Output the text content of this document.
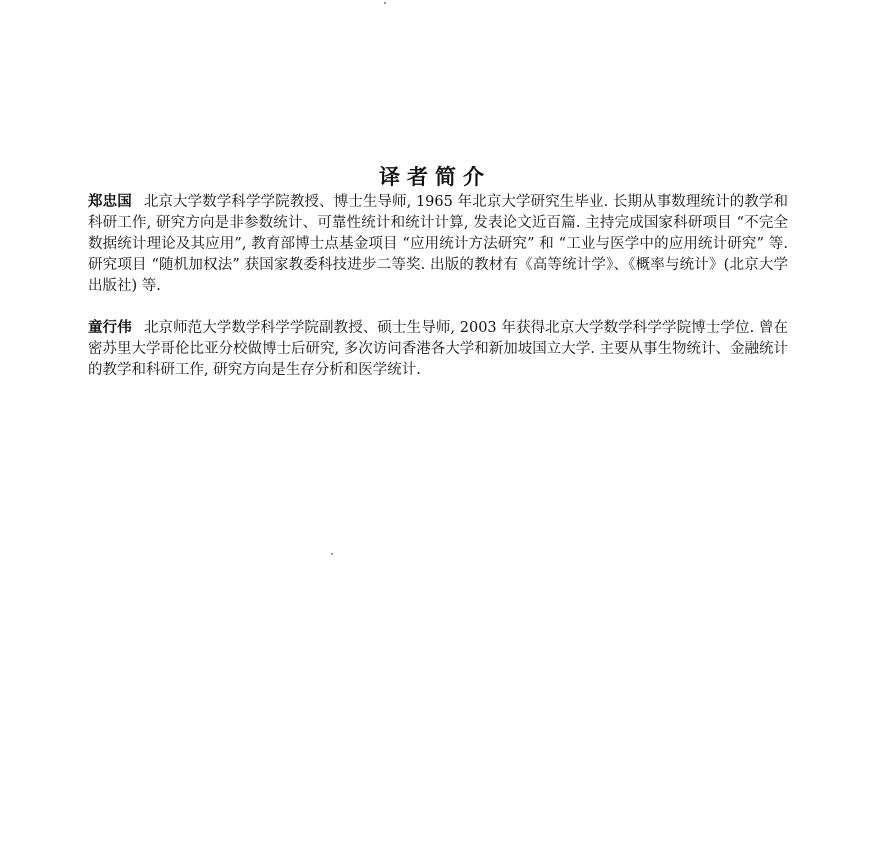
译者简介

郑忠国 北京大学数学科学学院教授、博士生导师, 1965 年北京大学研究生毕业. 长期从事数理统计的教学和科研工作, 研究方向是非参数统计、可靠性统计和统计计算, 发表论文近百篇. 主持完成国家科研项目 “不完全数据统计理论及其应用”, 教育部博士点基金项目 “应用统计方法研究” 和 “工业与医学中的应用统计研究” 等. 研究项目 “随机加权法” 获国家教委科技进步二等奖. 出版的教材有《高等统计学》、《概率与统计》(北京大学出版社) 等.

童行伟 北京师范大学数学科学学院副教授、硕士生导师, 2003 年获得北京大学数学科学学院博士学位. 曾在密苏里大学哥伦比亚分校做博士后研究, 多次访问香港各大学和新加坡国立大学. 主要从事生物统计、金融统计的教学和科研工作, 研究方向是生存分析和医学统计.
